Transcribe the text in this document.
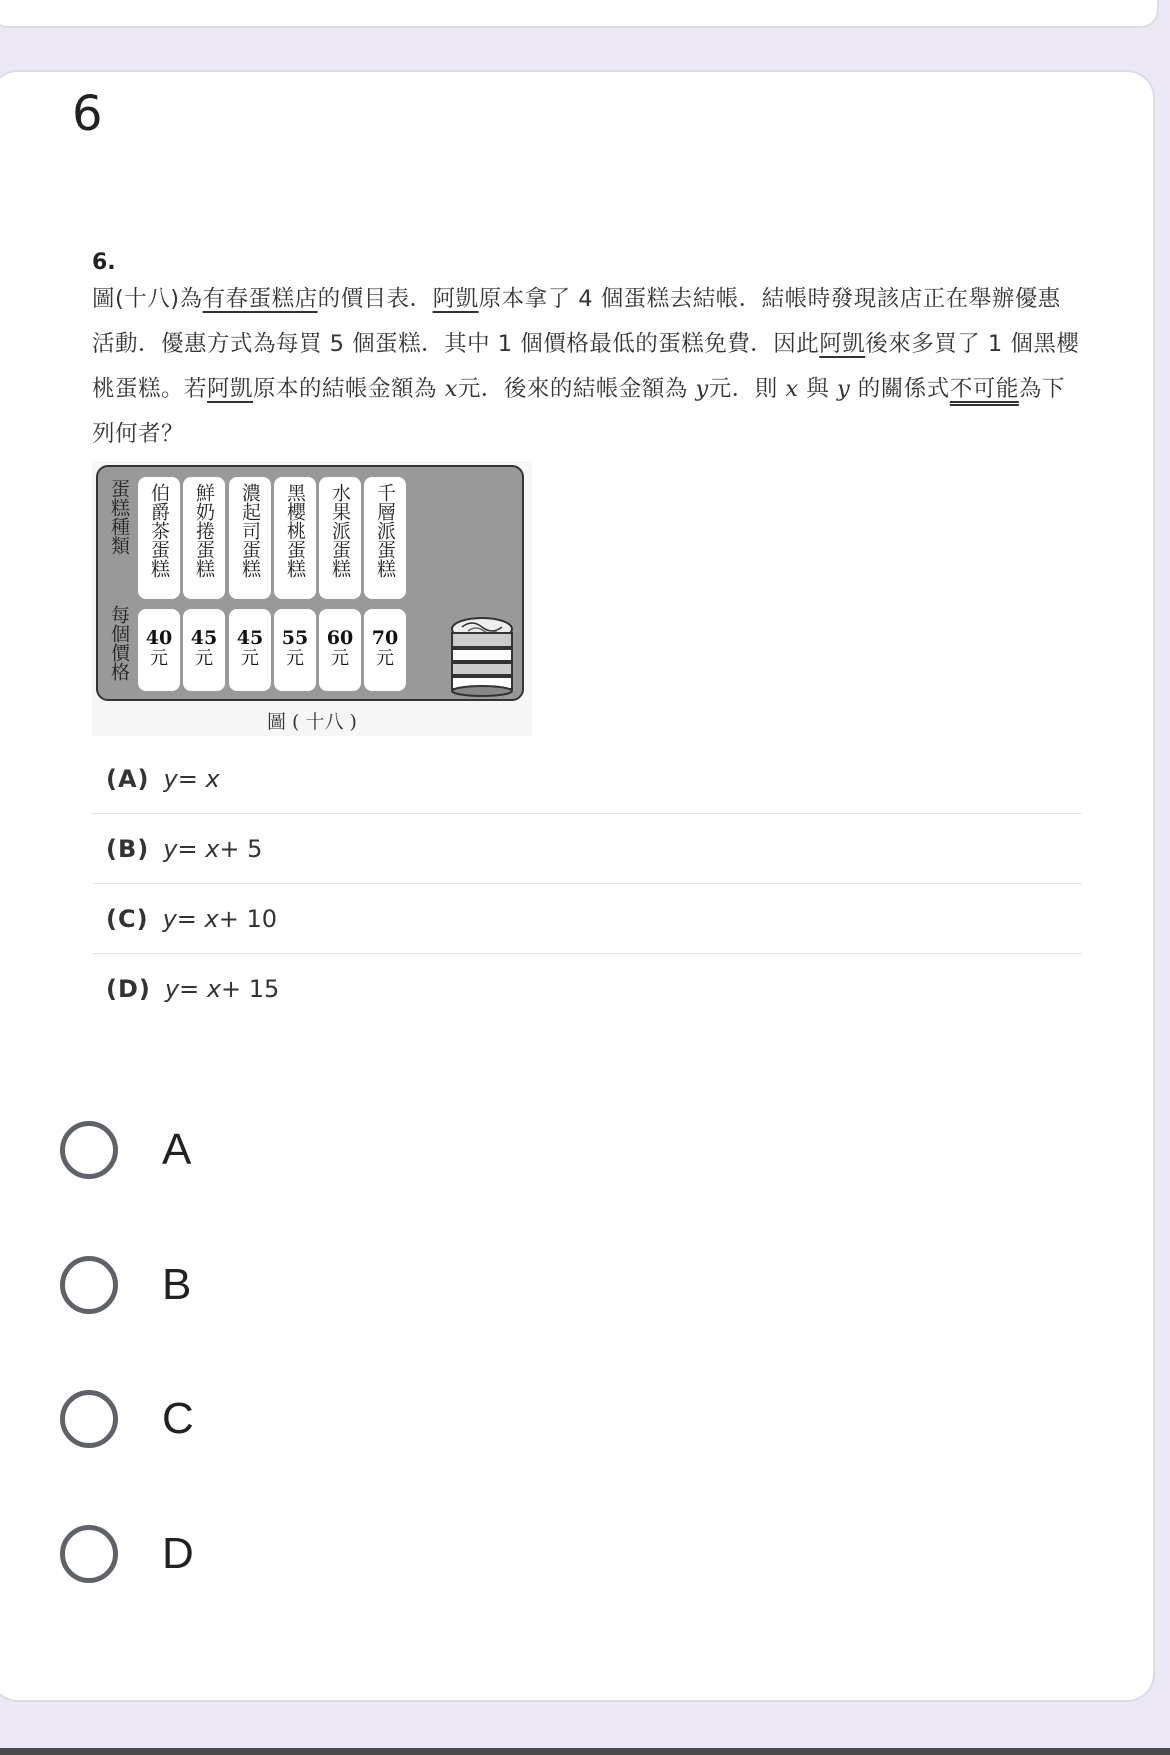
6
6.
圖(十八)為有春蛋糕店的價目表．阿凱原本拿了 4 個蛋糕去結帳．結帳時發現該店正在舉辦優惠活動．優惠方式為每買 5 個蛋糕．其中 1 個價格最低的蛋糕免費．因此阿凱後來多買了 1 個黑櫻桃蛋糕。若阿凱原本的結帳金額為 x元．後來的結帳金額為 y元．則 x 與 y 的關係式不可能為下列何者？
蛋糕種類
每個價格
伯爵茶蛋糕
40
元
鮮奶捲蛋糕
45
元
濃起司蛋糕
45
元
黑櫻桃蛋糕
55
元
水果派蛋糕
60
元
千層派蛋糕
70
元
圖 ( 十八 )
(A) y= x
(B) y= x+ 5
(C) y= x+ 10
(D) y= x+ 15
A
B
C
D
